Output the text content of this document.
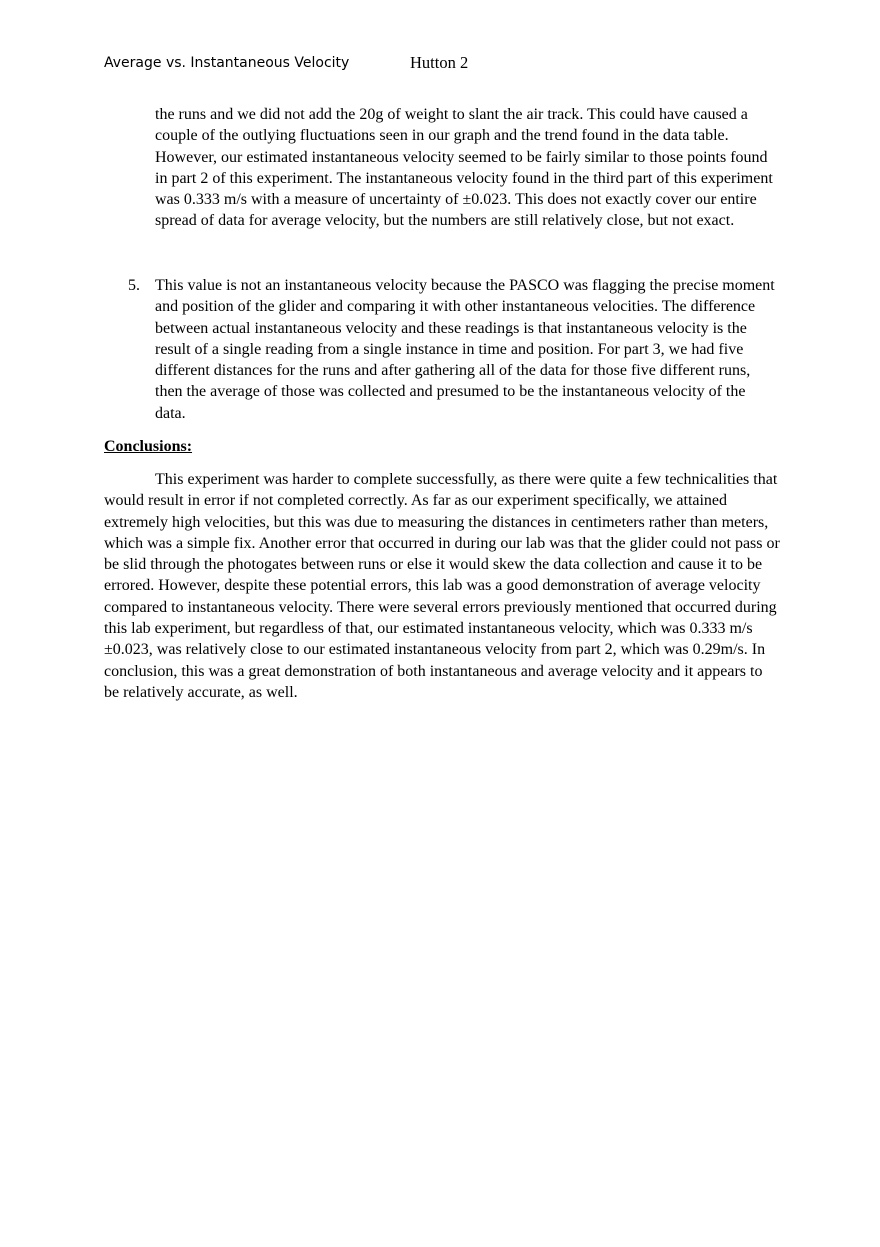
Average vs. Instantaneous Velocity	Hutton 2

the runs and we did not add the 20g of weight to slant the air track. This could have caused a couple of the outlying fluctuations seen in our graph and the trend found in the data table. However, our estimated instantaneous velocity seemed to be fairly similar to those points found in part 2 of this experiment. The instantaneous velocity found in the third part of this experiment was 0.333 m/s with a measure of uncertainty of ±0.023. This does not exactly cover our entire spread of data for average velocity, but the numbers are still relatively close, but not exact.

5. This value is not an instantaneous velocity because the PASCO was flagging the precise moment and position of the glider and comparing it with other instantaneous velocities. The difference between actual instantaneous velocity and these readings is that instantaneous velocity is the result of a single reading from a single instance in time and position. For part 3, we had five different distances for the runs and after gathering all of the data for those five different runs, then the average of those was collected and presumed to be the instantaneous velocity of the data.

Conclusions:

This experiment was harder to complete successfully, as there were quite a few technicalities that would result in error if not completed correctly. As far as our experiment specifically, we attained extremely high velocities, but this was due to measuring the distances in centimeters rather than meters, which was a simple fix. Another error that occurred in during our lab was that the glider could not pass or be slid through the photogates between runs or else it would skew the data collection and cause it to be errored. However, despite these potential errors, this lab was a good demonstration of average velocity compared to instantaneous velocity. There were several errors previously mentioned that occurred during this lab experiment, but regardless of that, our estimated instantaneous velocity, which was 0.333 m/s ±0.023, was relatively close to our estimated instantaneous velocity from part 2, which was 0.29m/s. In conclusion, this was a great demonstration of both instantaneous and average velocity and it appears to be relatively accurate, as well.
